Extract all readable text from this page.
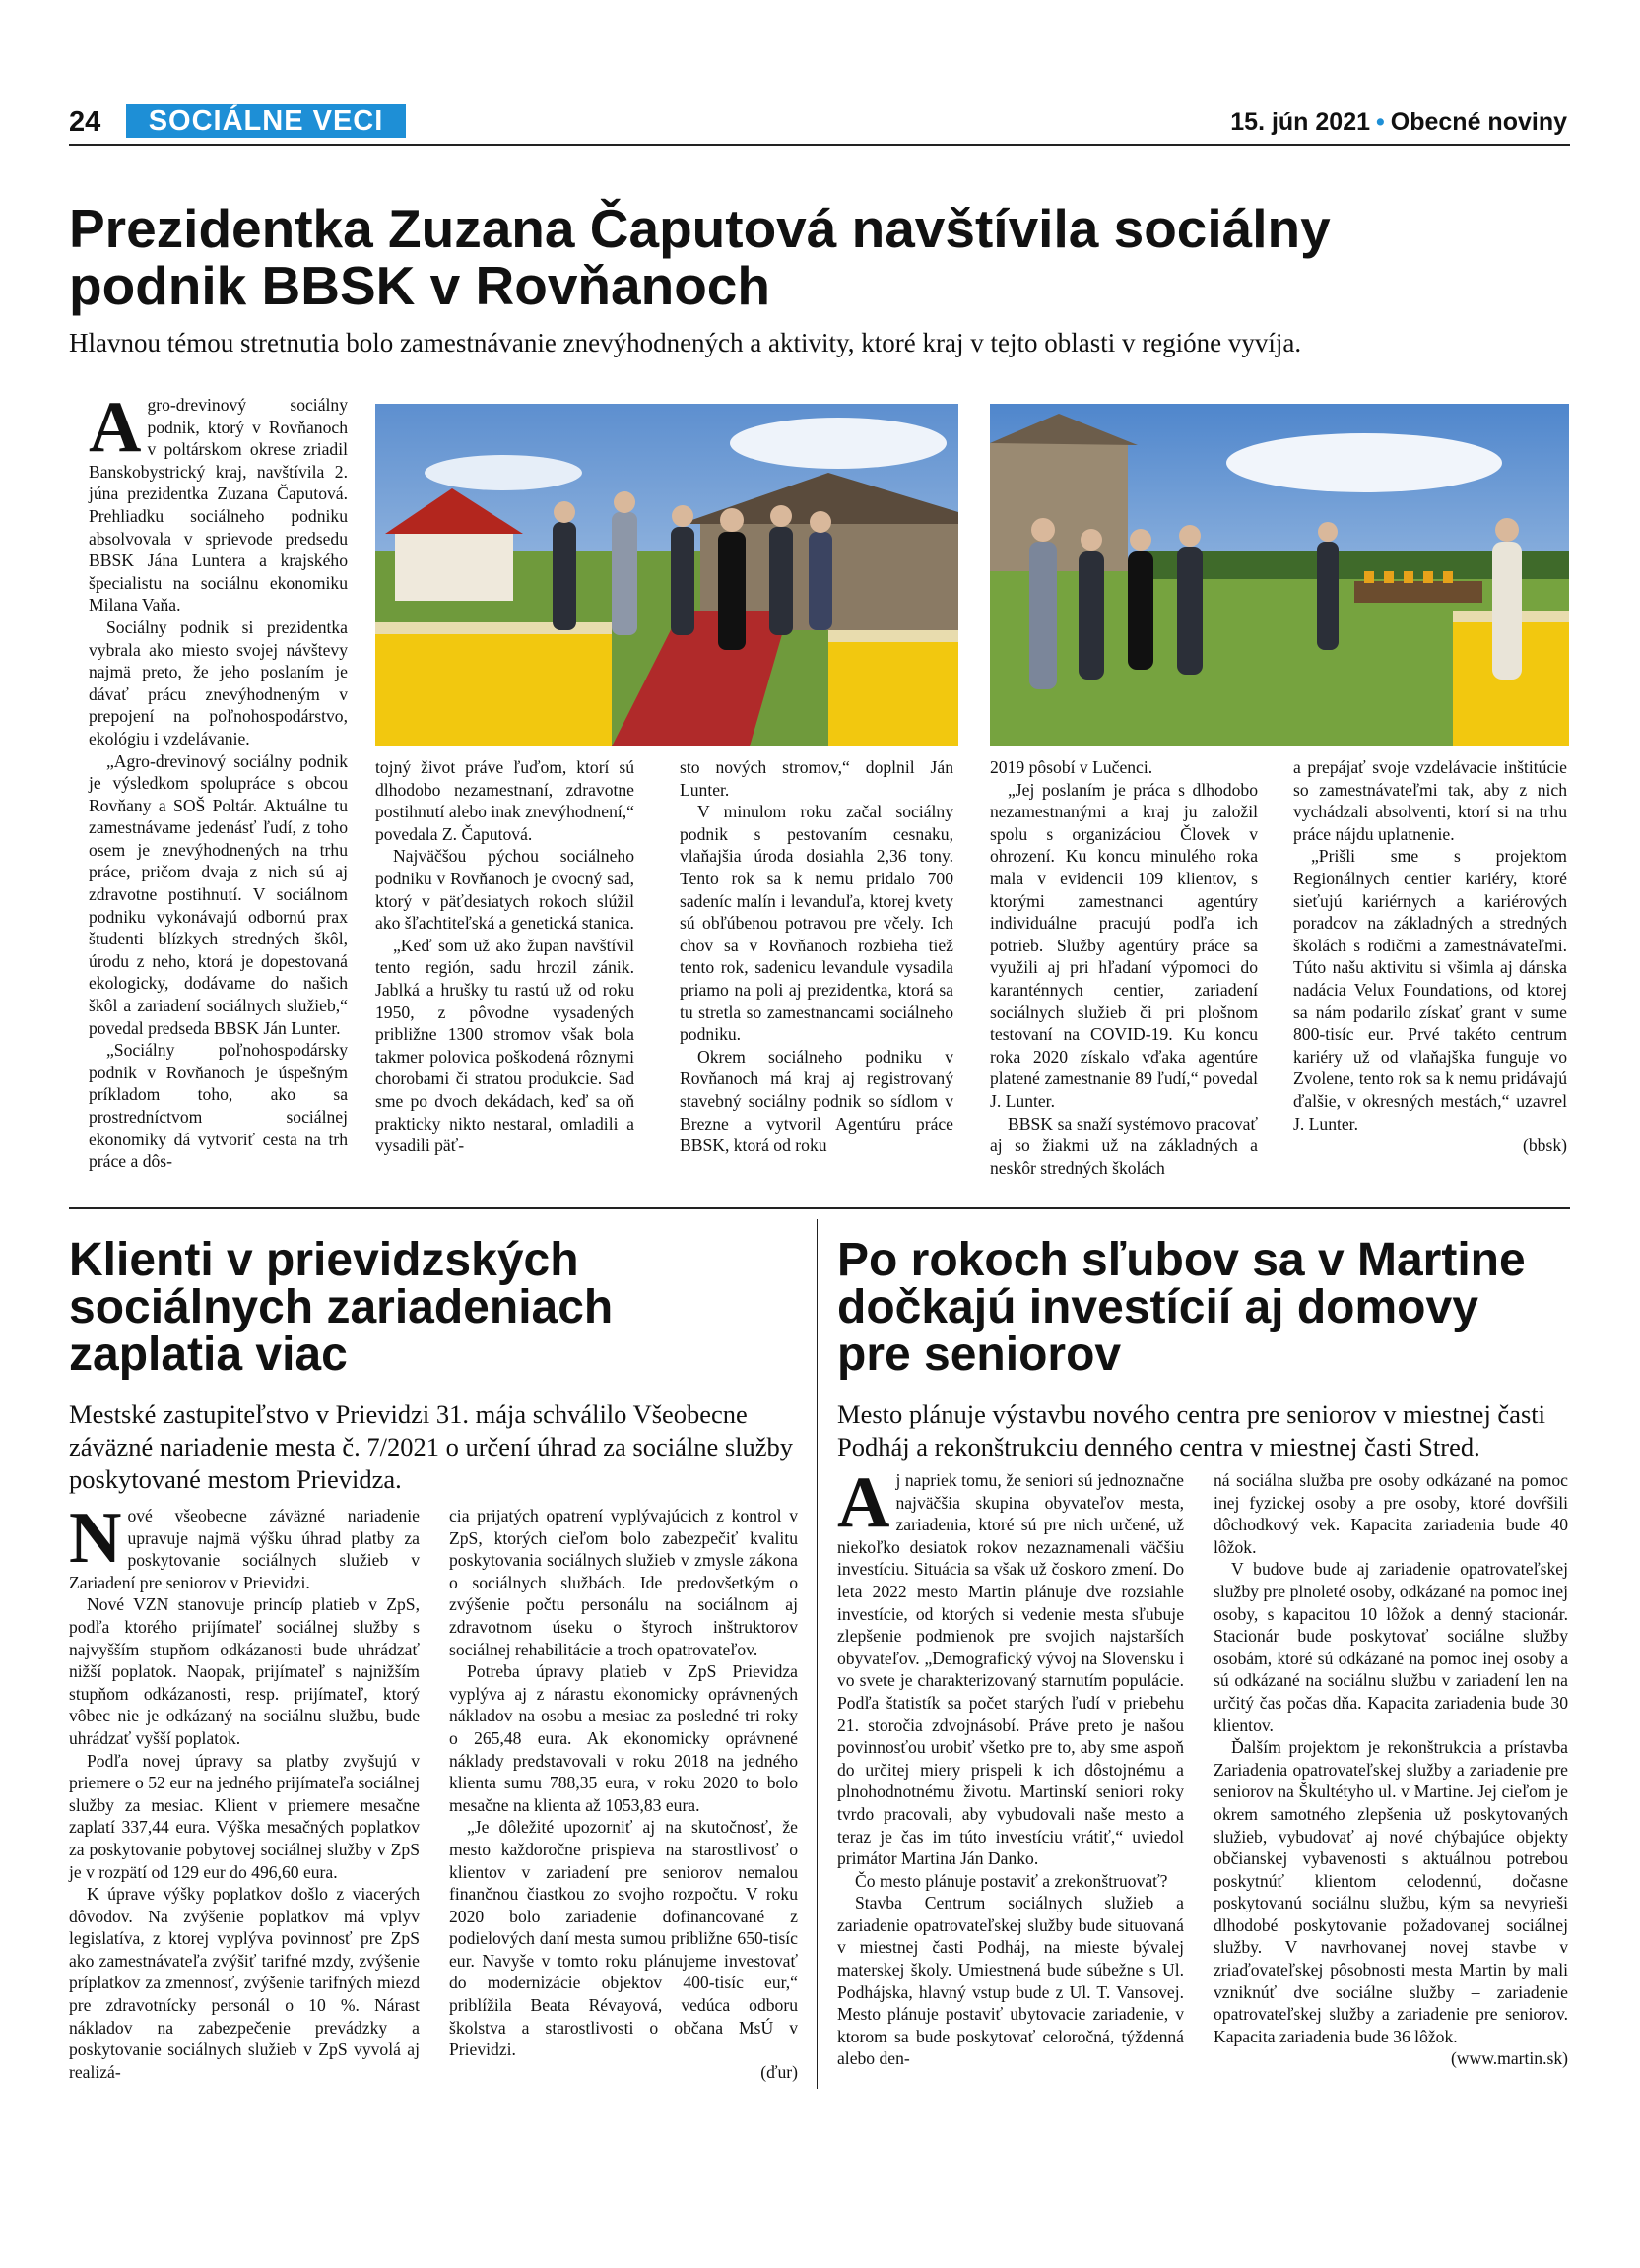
24	SOCIÁLNE VECI	15. jún 2021 • Obecné noviny
Prezidentka Zuzana Čaputová navštívila sociálny
podnik BBSK v Rovňanoch
Hlavnou témou stretnutia bolo zamestnávanie znevýhodnených a aktivity, ktoré kraj v tejto oblasti v regióne vyvíja.

Agro-drevinový sociálny podnik, ktorý v Rovňanoch v poltárskom okrese zriadil Banskobystrický kraj, navštívila 2. júna prezidentka Zuzana Čaputová. Prehliadku sociálneho podniku absolvovala v sprievode predsedu BBSK Jána Luntera a krajského špecialistu na sociálnu ekonomiku Milana Vaňa.

Sociálny podnik si prezidentka vybrala ako miesto svojej návštevy najmä preto, že jeho poslaním je dávať prácu znevýhodneným v prepojení na poľnohospodárstvo, ekológiu i vzdelávanie.

„Agro-drevinový sociálny podnik je výsledkom spolupráce s obcou Rovňany a SOŠ Poltár. Aktuálne tu zamestnávame jedenásť ľudí, z toho osem je znevýhodnených na trhu práce, pričom dvaja z nich sú aj zdravotne postihnutí. V sociálnom podniku vykonávajú odbornú prax študenti blízkych stredných škôl, úrodu z neho, ktorá je dopestovaná ekologicky, dodávame do našich škôl a zariadení sociálnych služieb,“ povedal predseda BBSK Ján Lunter.

„Sociálny poľnohospodársky podnik v Rovňanoch je úspešným príkladom toho, ako sa prostredníctvom sociálnej ekonomiky dá vytvoriť cesta na trh práce a dôs-

tojný život práve ľuďom, ktorí sú dlhodobo nezamestnaní, zdravotne postihnutí alebo inak znevýhodnení,“ povedala Z. Čaputová.

Najväčšou pýchou sociálneho podniku v Rovňanoch je ovocný sad, ktorý v päťdesiatych rokoch slúžil ako šľachtiteľská a genetická stanica.

„Keď som už ako župan navštívil tento región, sadu hrozil zánik. Jablká a hrušky tu rastú už od roku 1950, z pôvodne vysadených približne 1300 stromov však bola takmer polovica poškodená rôznymi chorobami či stratou produkcie. Sad sme po dvoch dekádach, keď sa oň prakticky nikto nestaral, omladili a vysadili päť-

sto nových stromov,“ doplnil Ján Lunter.

V minulom roku začal sociálny podnik s pestovaním cesnaku, vlaňajšia úroda dosiahla 2,36 tony. Tento rok sa k nemu pridalo 700 sadeníc malín i levanduľa, ktorej kvety sú obľúbenou potravou pre včely. Ich chov sa v Rovňanoch rozbieha tiež tento rok, sadenicu levandule vysadila priamo na poli aj prezidentka, ktorá sa tu stretla so zamestnancami sociálneho podniku.

Okrem sociálneho podniku v Rovňanoch má kraj aj registrovaný stavebný sociálny podnik so sídlom v Brezne a vytvoril Agentúru práce BBSK, ktorá od roku

2019 pôsobí v Lučenci.

„Jej poslaním je práca s dlhodobo nezamestnanými a kraj ju založil spolu s organizáciou Človek v ohrození. Ku koncu minulého roka mala v evidencii 109 klientov, s ktorými zamestnanci agentúry individuálne pracujú podľa ich potrieb. Služby agentúry práce sa využili aj pri hľadaní výpomoci do karanténnych centier, zariadení sociálnych služieb či pri plošnom testovaní na COVID-19. Ku koncu roka 2020 získalo vďaka agentúre platené zamestnanie 89 ľudí,“ povedal J. Lunter.

BBSK sa snaží systémovo pracovať aj so žiakmi už na základných a neskôr stredných školách

a prepájať svoje vzdelávacie inštitúcie so zamestnávateľmi tak, aby z nich vychádzali absolventi, ktorí si na trhu práce nájdu uplatnenie.

„Prišli sme s projektom Regionálnych centier kariéry, ktoré sieťujú kariérnych a kariérových poradcov na základných a stredných školách s rodičmi a zamestnávateľmi. Túto našu aktivitu si všimla aj dánska nadácia Velux Foundations, od ktorej sa nám podarilo získať grant v sume 800-tisíc eur. Prvé takéto centrum kariéry už od vlaňajška funguje vo Zvolene, tento rok sa k nemu pridávajú ďalšie, v okresných mestách,“ uzavrel J. Lunter.

(bbsk)
Klienti v prievidzských
sociálnych zariadeniach
zaplatia viac
Mestské zastupiteľstvo v Prievidzi 31. mája schválilo Všeobecne záväzné nariadenie mesta č. 7/2021 o určení úhrad za sociálne služby poskytované mestom Prievidza.

Nové všeobecne záväzné nariadenie upravuje najmä výšku úhrad platby za poskytovanie sociálnych služieb v Zariadení pre seniorov v Prievidzi.

Nové VZN stanovuje princíp platieb v ZpS, podľa ktorého prijímateľ sociálnej služby s najvyšším stupňom odkázanosti bude uhrádzať nižší poplatok. Naopak, prijímateľ s najnižším stupňom odkázanosti, resp. prijímateľ, ktorý vôbec nie je odkázaný na sociálnu službu, bude uhrádzať vyšší poplatok.

Podľa novej úpravy sa platby zvyšujú v priemere o 52 eur na jedného prijímateľa sociálnej služby za mesiac. Klient v priemere mesačne zaplatí 337,44 eura. Výška mesačných poplatkov za poskytovanie pobytovej sociálnej služby v ZpS je v rozpätí od 129 eur do 496,60 eura.

K úprave výšky poplatkov došlo z viacerých dôvodov. Na zvýšenie poplatkov má vplyv legislatíva, z ktorej vyplýva povinnosť pre ZpS ako zamestnávateľa zvýšiť tarifné mzdy, zvýšenie príplatkov za zmennosť, zvýšenie tarifných miezd pre zdravotnícky personál o 10 %. Nárast nákladov na zabezpečenie prevádzky a poskytovanie sociálnych služieb v ZpS vyvolá aj realizá-

cia prijatých opatrení vyplývajúcich z kontrol v ZpS, ktorých cieľom bolo zabezpečiť kvalitu poskytovania sociálnych služieb v zmysle zákona o sociálnych službách. Ide predovšetkým o zvýšenie počtu personálu na sociálnom aj zdravotnom úseku o štyroch inštruktorov sociálnej rehabilitácie a troch opatrovateľov.

Potreba úpravy platieb v ZpS Prievidza vyplýva aj z nárastu ekonomicky oprávnených nákladov na osobu a mesiac za posledné tri roky o 265,48 eura. Ak ekonomicky oprávnené náklady predstavovali v roku 2018 na jedného klienta sumu 788,35 eura, v roku 2020 to bolo mesačne na klienta až 1053,83 eura.

„Je dôležité upozorniť aj na skutočnosť, že mesto každoročne prispieva na starostlivosť o klientov v zariadení pre seniorov nemalou finančnou čiastkou zo svojho rozpočtu. V roku 2020 bolo zariadenie dofinancované z podielových daní mesta sumou približne 650-tisíc eur. Navyše v tomto roku plánujeme investovať do modernizácie objektov 400-tisíc eur,“ priblížila Beata Révayová, vedúca odboru školstva a starostlivosti o občana MsÚ v Prievidzi.

(ďur)
Po rokoch sľubov sa v Martine
dočkajú investícií aj domovy
pre seniorov
Mesto plánuje výstavbu nového centra pre seniorov v miestnej časti Podháj a rekonštrukciu denného centra v miestnej časti Stred.

Aj napriek tomu, že seniori sú jednoznačne najväčšia skupina obyvateľov mesta, zariadenia, ktoré sú pre nich určené, už niekoľko desiatok rokov nezaznamenali väčšiu investíciu. Situácia sa však už čoskoro zmení. Do leta 2022 mesto Martin plánuje dve rozsiahle investície, od ktorých si vedenie mesta sľubuje zlepšenie podmienok pre svojich najstarších obyvateľov. „Demografický vývoj na Slovensku i vo svete je charakterizovaný starnutím populácie. Podľa štatistík sa počet starých ľudí v priebehu 21. storočia zdvojnásobí. Práve preto je našou povinnosťou urobiť všetko pre to, aby sme aspoň do určitej miery prispeli k ich dôstojnému a plnohodnotnému životu. Martinskí seniori roky tvrdo pracovali, aby vybudovali naše mesto a teraz je čas im túto investíciu vrátiť,“ uviedol primátor Martina Ján Danko.

Čo mesto plánuje postaviť a zrekonštruovať?

Stavba Centrum sociálnych služieb a zariadenie opatrovateľskej služby bude situovaná v miestnej časti Podháj, na mieste bývalej materskej školy. Umiestnená bude súbežne s Ul. Podhájska, hlavný vstup bude z Ul. T. Vansovej. Mesto plánuje postaviť ubytovacie zariadenie, v ktorom sa bude poskytovať celoročná, týždenná alebo den-

ná sociálna služba pre osoby odkázané na pomoc inej fyzickej osoby a pre osoby, ktoré dovŕšili dôchodkový vek. Kapacita zariadenia bude 40 lôžok.

V budove bude aj zariadenie opatrovateľskej služby pre plnoleté osoby, odkázané na pomoc inej osoby, s kapacitou 10 lôžok a denný stacionár. Stacionár bude poskytovať sociálne služby osobám, ktoré sú odkázané na pomoc inej osoby a sú odkázané na sociálnu službu v zariadení len na určitý čas počas dňa. Kapacita zariadenia bude 30 klientov.

Ďalším projektom je rekonštrukcia a prístavba Zariadenia opatrovateľskej služby a zariadenie pre seniorov na Škultétyho ul. v Martine. Jej cieľom je okrem samotného zlepšenia už poskytovaných služieb, vybudovať aj nové chýbajúce objekty občianskej vybavenosti s aktuálnou potrebou poskytnúť klientom celodennú, dočasne poskytovanú sociálnu službu, kým sa nevyrieši dlhodobé poskytovanie požadovanej sociálnej služby. V navrhovanej novej stavbe v zriaďovateľskej pôsobnosti mesta Martin by mali vzniknúť dve sociálne služby – zariadenie opatrovateľskej služby a zariadenie pre seniorov. Kapacita zariadenia bude 36 lôžok.

(www.martin.sk)
